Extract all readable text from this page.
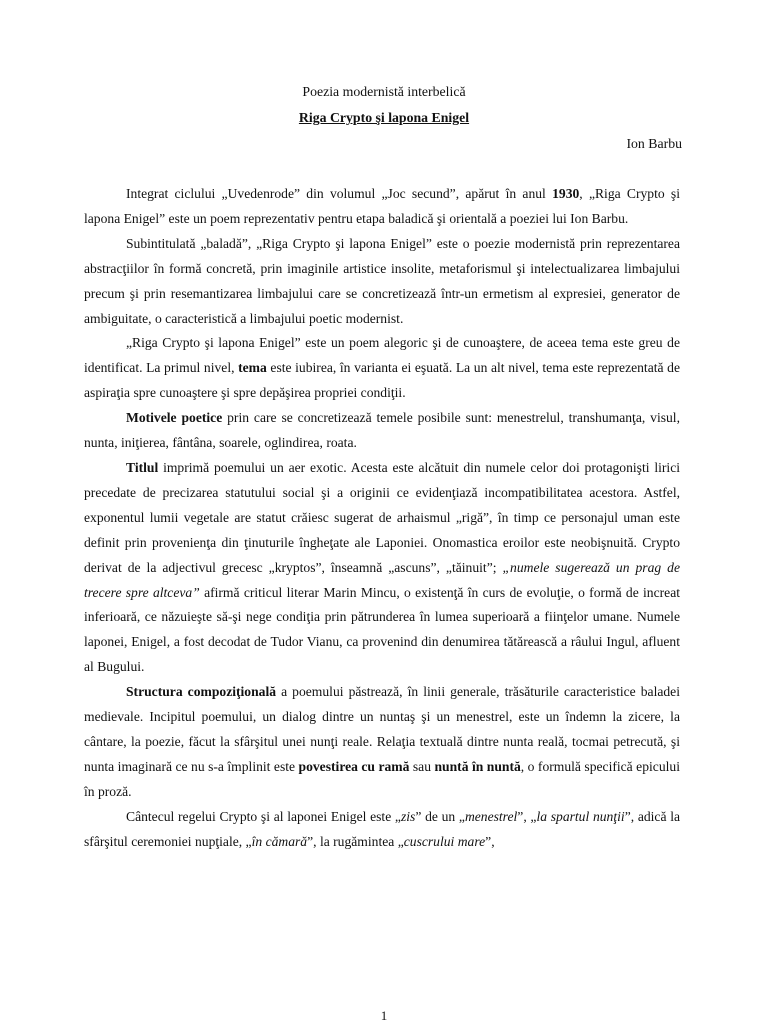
Poezia modernistă interbelică
Riga Crypto şi lapona Enigel
Ion Barbu

Integrat ciclului „Uvedenrode” din volumul „Joc secund”, apărut în anul 1930, „Riga Crypto şi lapona Enigel” este un poem reprezentativ pentru etapa baladică şi orientală a poeziei lui Ion Barbu.

Subintitulată „baladă”, „Riga Crypto şi lapona Enigel” este o poezie modernistă prin reprezentarea abstracţiilor în formă concretă, prin imaginile artistice insolite, metaforismul şi intelectualizarea limbajului precum şi prin resemantizarea limbajului care se concretizează într-un ermetism al expresiei, generator de ambiguitate, o caracteristică a limbajului poetic modernist.

„Riga Crypto şi lapona Enigel” este un poem alegoric şi de cunoaştere, de aceea tema este greu de identificat. La primul nivel, tema este iubirea, în varianta ei eşuată. La un alt nivel, tema este reprezentată de aspiraţia spre cunoaştere şi spre depăşirea propriei condiţii.

Motivele poetice prin care se concretizează temele posibile sunt: menestrelul, transhumanţa, visul, nunta, iniţierea, fântâna, soarele, oglindirea, roata.

Titlul imprimă poemului un aer exotic. Acesta este alcătuit din numele celor doi protagonişti lirici precedate de precizarea statutului social şi a originii ce evidenţiază incompatibilitatea acestora. Astfel, exponentul lumii vegetale are statut crăiesc sugerat de arhaismul „rigă”, în timp ce personajul uman este definit prin provenienţa din ţinuturile îngheţate ale Laponiei. Onomastica eroilor este neobişnuită. Crypto derivat de la adjectivul grecesc „kryptos”, înseamnă „ascuns”, „tăinuit”; „numele sugerează un prag de trecere spre altceva” afirmă criticul literar Marin Mincu, o existenţă în curs de evoluţie, o formă de increat inferioară, ce năzuieşte să-şi nege condiţia prin pătrunderea în lumea superioară a fiinţelor umane. Numele laponei, Enigel, a fost decodat de Tudor Vianu, ca provenind din denumirea tătărească a râului Ingul, afluent al Bugului.

Structura compoziţională a poemului păstrează, în linii generale, trăsăturile caracteristice baladei medievale. Incipitul poemului, un dialog dintre un nuntaş şi un menestrel, este un îndemn la zicere, la cântare, la poezie, făcut la sfârşitul unei nunţi reale. Relaţia textuală dintre nunta reală, tocmai petrecută, şi nunta imaginară ce nu s-a împlinit este povestirea cu ramă sau nuntă în nuntă, o formulă specifică epicului în proză.

Cântecul regelui Crypto şi al laponei Enigel este „zis” de un „menestrel”, „la spartul nunţii”, adică la sfârşitul ceremoniei nupţiale, „în cămară”, la rugămintea „cuscrului mare”,

1
